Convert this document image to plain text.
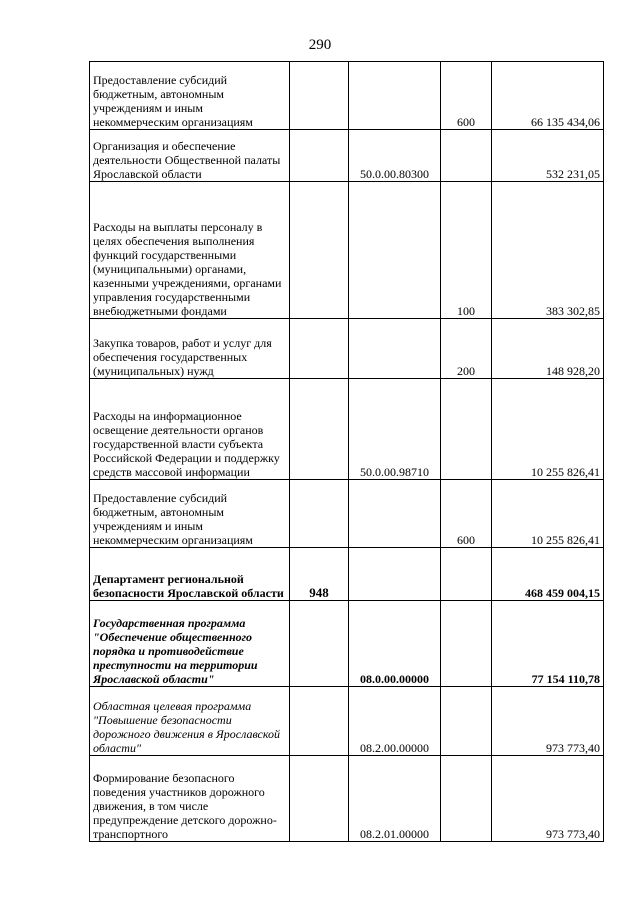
290
Предоставление субсидий бюджетным, автономным учреждениям и иным некоммерческим организациям			600	66 135 434,06
Организация и обеспечение деятельности Общественной палаты Ярославской области		50.0.00.80300		532 231,05
Расходы на выплаты персоналу в целях обеспечения выполнения функций государственными (муниципальными) органами, казенными учреждениями, органами управления государственными внебюджетными фондами			100	383 302,85
Закупка товаров, работ и услуг для обеспечения государственных (муниципальных) нужд			200	148 928,20
Расходы на информационное освещение деятельности органов государственной власти субъекта Российской Федерации и поддержку средств массовой информации		50.0.00.98710		10 255 826,41
Предоставление субсидий бюджетным, автономным учреждениям и иным некоммерческим организациям			600	10 255 826,41
Департамент региональной безопасности Ярославской области	948			468 459 004,15
Государственная программа "Обеспечение общественного порядка и противодействие преступности на территории Ярославской области"		08.0.00.00000		77 154 110,78
Областная целевая программа "Повышение безопасности дорожного движения в Ярославской области"		08.2.00.00000		973 773,40
Формирование безопасного поведения участников дорожного движения, в том числе предупреждение детского дорожно-транспортного		08.2.01.00000		973 773,40
